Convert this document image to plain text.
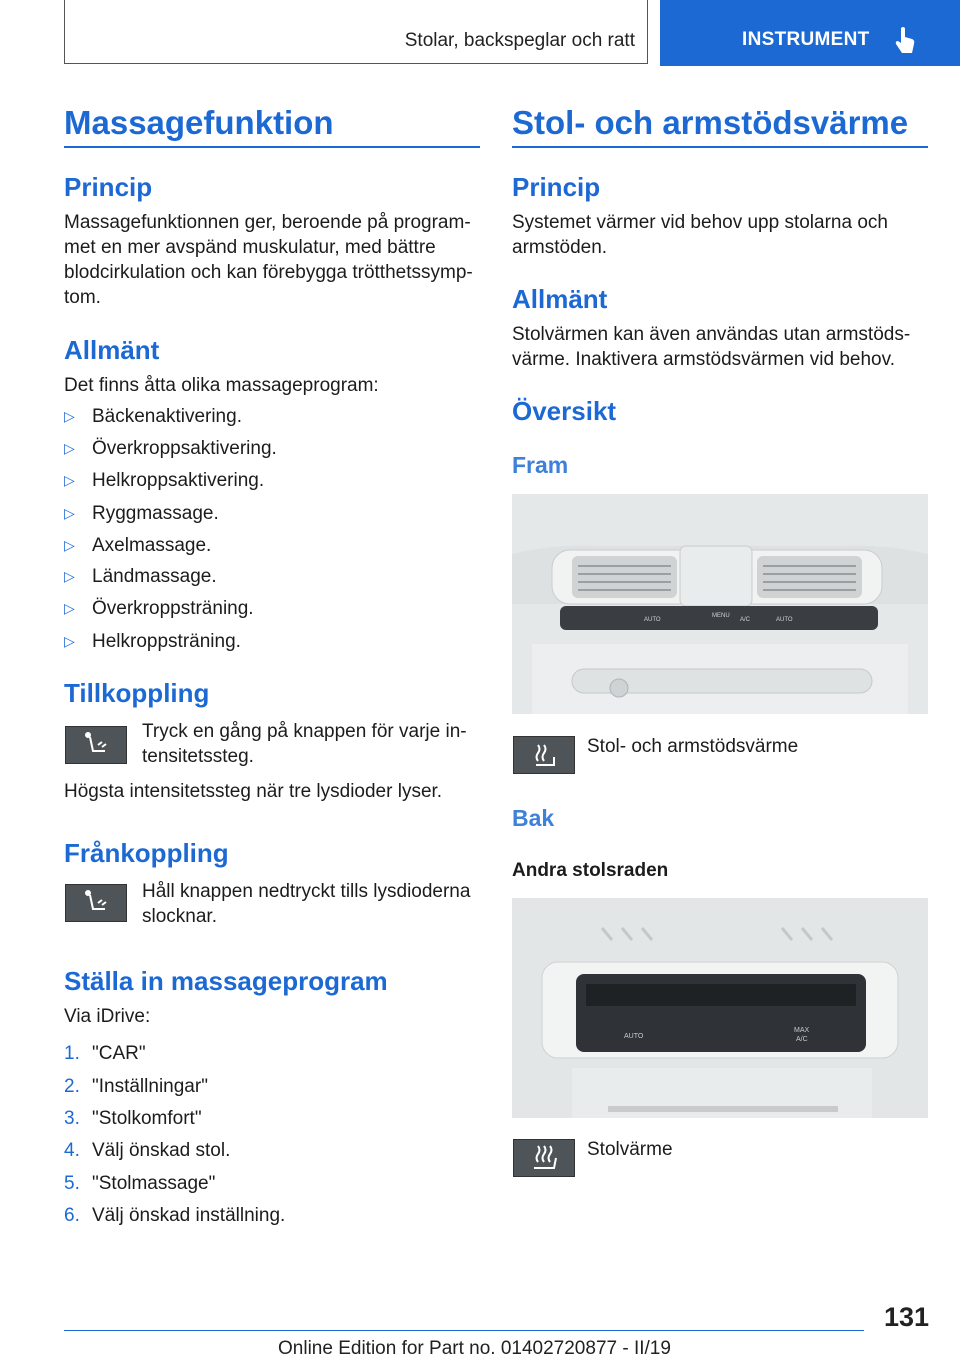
Stolar, backspeglar och ratt	INSTRUMENT
Massagefunktion
Princip
Massagefunktionnen ger, beroende på program-
met en mer avspänd muskulatur, med bättre
blodcirkulation och kan förebygga trötthetssymp-
tom.
Allmänt
Det finns åtta olika massageprogram:
▷ Bäckenaktivering.
▷ Överkroppsaktivering.
▷ Helkroppsaktivering.
▷ Ryggmassage.
▷ Axelmassage.
▷ Ländmassage.
▷ Överkroppsträning.
▷ Helkroppsträning.
Tillkoppling
Tryck en gång på knappen för varje in-
tensitetssteg.
Högsta intensitetssteg när tre lysdioder lyser.
Frånkoppling
Håll knappen nedtryckt tills lysdioderna
slocknar.
Ställa in massageprogram
Via iDrive:
1. "CAR"
2. "Inställningar"
3. "Stolkomfort"
4. Välj önskad stol.
5. "Stolmassage"
6. Välj önskad inställning.
Stol- och armstödsvärme
Princip
Systemet värmer vid behov upp stolarna och
armstöden.
Allmänt
Stolvärmen kan även användas utan armstöds-
värme. Inaktivera armstödsvärmen vid behov.
Översikt
Fram
AUTO
MENU
A/C	AUTO
Stol- och armstödsvärme
Bak
Andra stolsraden
AUTO
MAX
A/C
Stolvärme
131
Online Edition for Part no. 01402720877 - II/19
